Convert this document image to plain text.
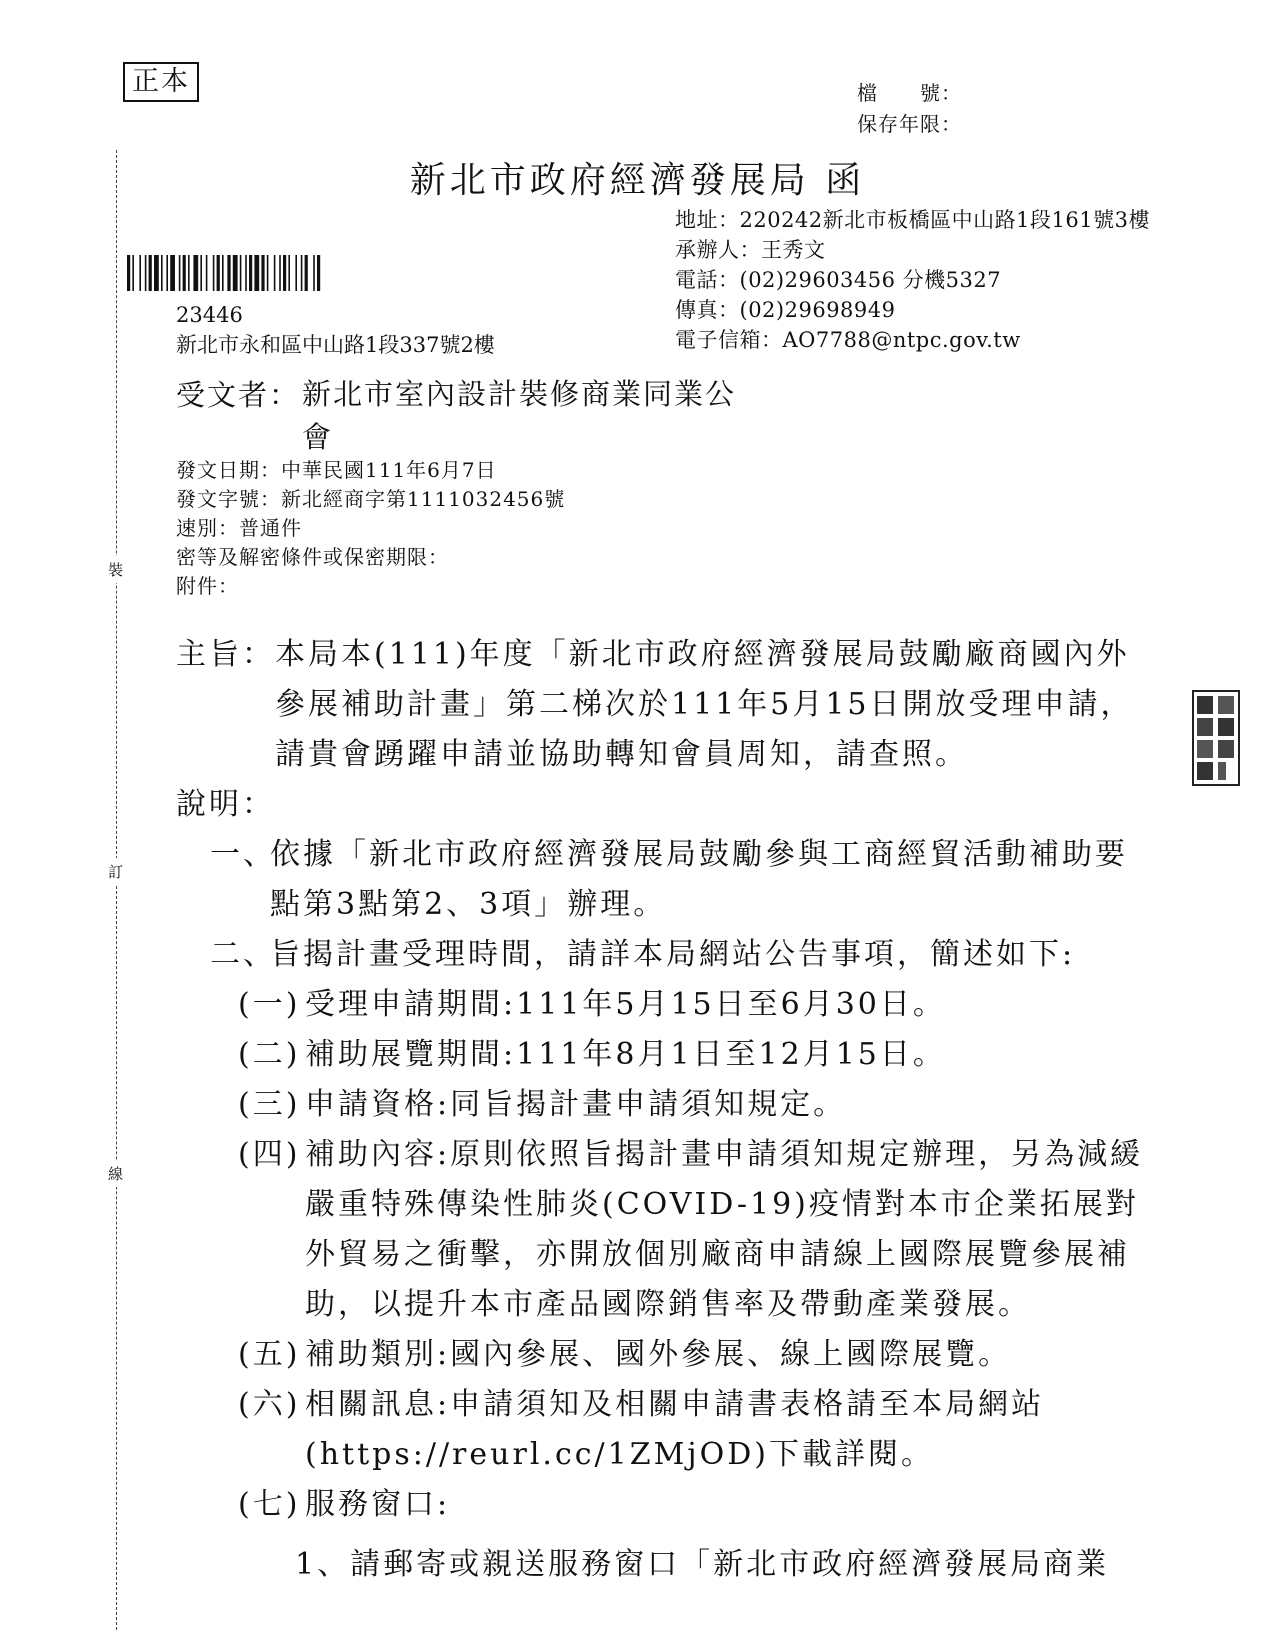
正本	檔　　號：
保存年限：
裝
訂
線
新北市政府經濟發展局 函
地址：220242新北市板橋區中山路1段161號3樓
承辦人：王秀文
電話：(02)29603456 分機5327
傳真：(02)29698949
電子信箱：AO7788@ntpc.gov.tw
23446
新北市永和區中山路1段337號2樓
受文者： 新北市室內設計裝修商業同業公會
發文日期：中華民國111年6月7日
發文字號：新北經商字第1111032456號
速別：普通件
密等及解密條件或保密期限：
附件：
主旨： 本局本(111)年度「新北市政府經濟發展局鼓勵廠商國內外參展補助計畫」第二梯次於111年5月15日開放受理申請，請貴會踴躍申請並協助轉知會員周知，請查照。
說明：
一、
依據「新北市政府經濟發展局鼓勵參與工商經貿活動補助要點第3點第2、3項」辦理。
二、
旨揭計畫受理時間，請詳本局網站公告事項，簡述如下:
(一) 受理申請期間:111年5月15日至6月30日。
(二) 補助展覽期間:111年8月1日至12月15日。
(三) 申請資格:同旨揭計畫申請須知規定。
(四) 補助內容:原則依照旨揭計畫申請須知規定辦理，另為減緩嚴重特殊傳染性肺炎(COVID-19)疫情對本市企業拓展對外貿易之衝擊，亦開放個別廠商申請線上國際展覽參展補助，以提升本市產品國際銷售率及帶動產業發展。
(五) 補助類別:國內參展、國外參展、線上國際展覽。
(六) 相關訊息:申請須知及相關申請書表格請至本局網站(https://reurl.cc/1ZMjOD)下載詳閱。
(七) 服務窗口:
1、請郵寄或親送服務窗口「新北市政府經濟發展局商業
